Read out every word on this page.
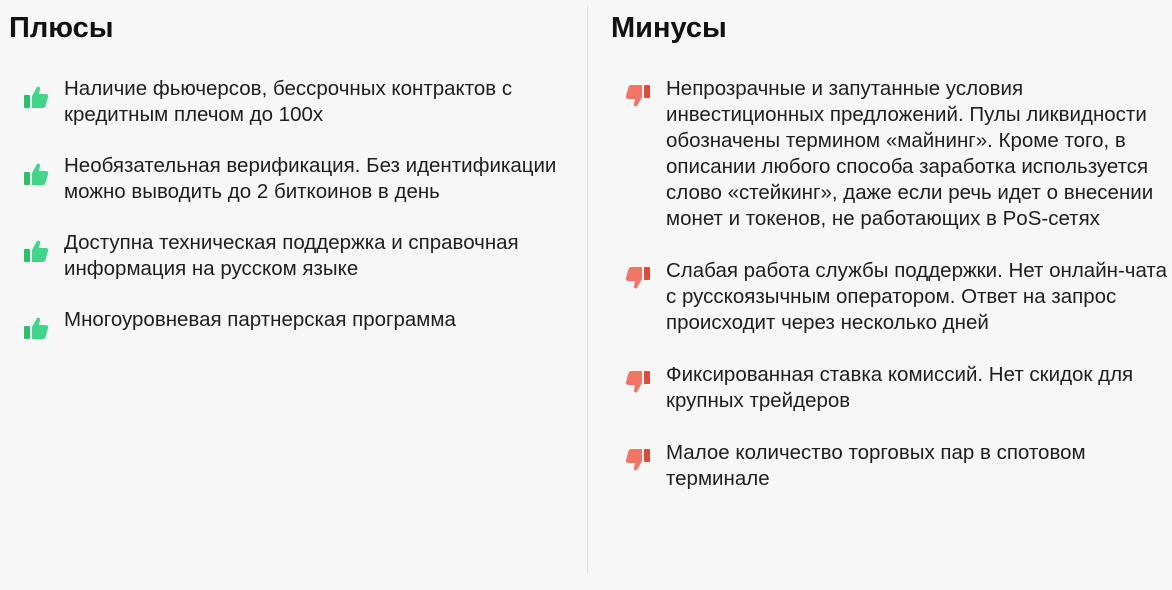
Плюсы
Наличие фьючерсов, бессрочных контрактов с кредитным плечом до 100х
Необязательная верификация. Без идентификации можно выводить до 2 биткоинов в день
Доступна техническая поддержка и справочная информация на русском языке
Многоуровневая партнерская программа
Минусы
Непрозрачные и запутанные условия инвестиционных предложений. Пулы ликвидности обозначены термином «майнинг». Кроме того, в описании любого способа заработка используется слово «стейкинг», даже если речь идет о внесении монет и токенов, не работающих в PoS-сетях
Слабая работа службы поддержки. Нет онлайн-чата с русскоязычным оператором. Ответ на запрос происходит через несколько дней
Фиксированная ставка комиссий. Нет скидок для крупных трейдеров
Малое количество торговых пар в спотовом терминале
